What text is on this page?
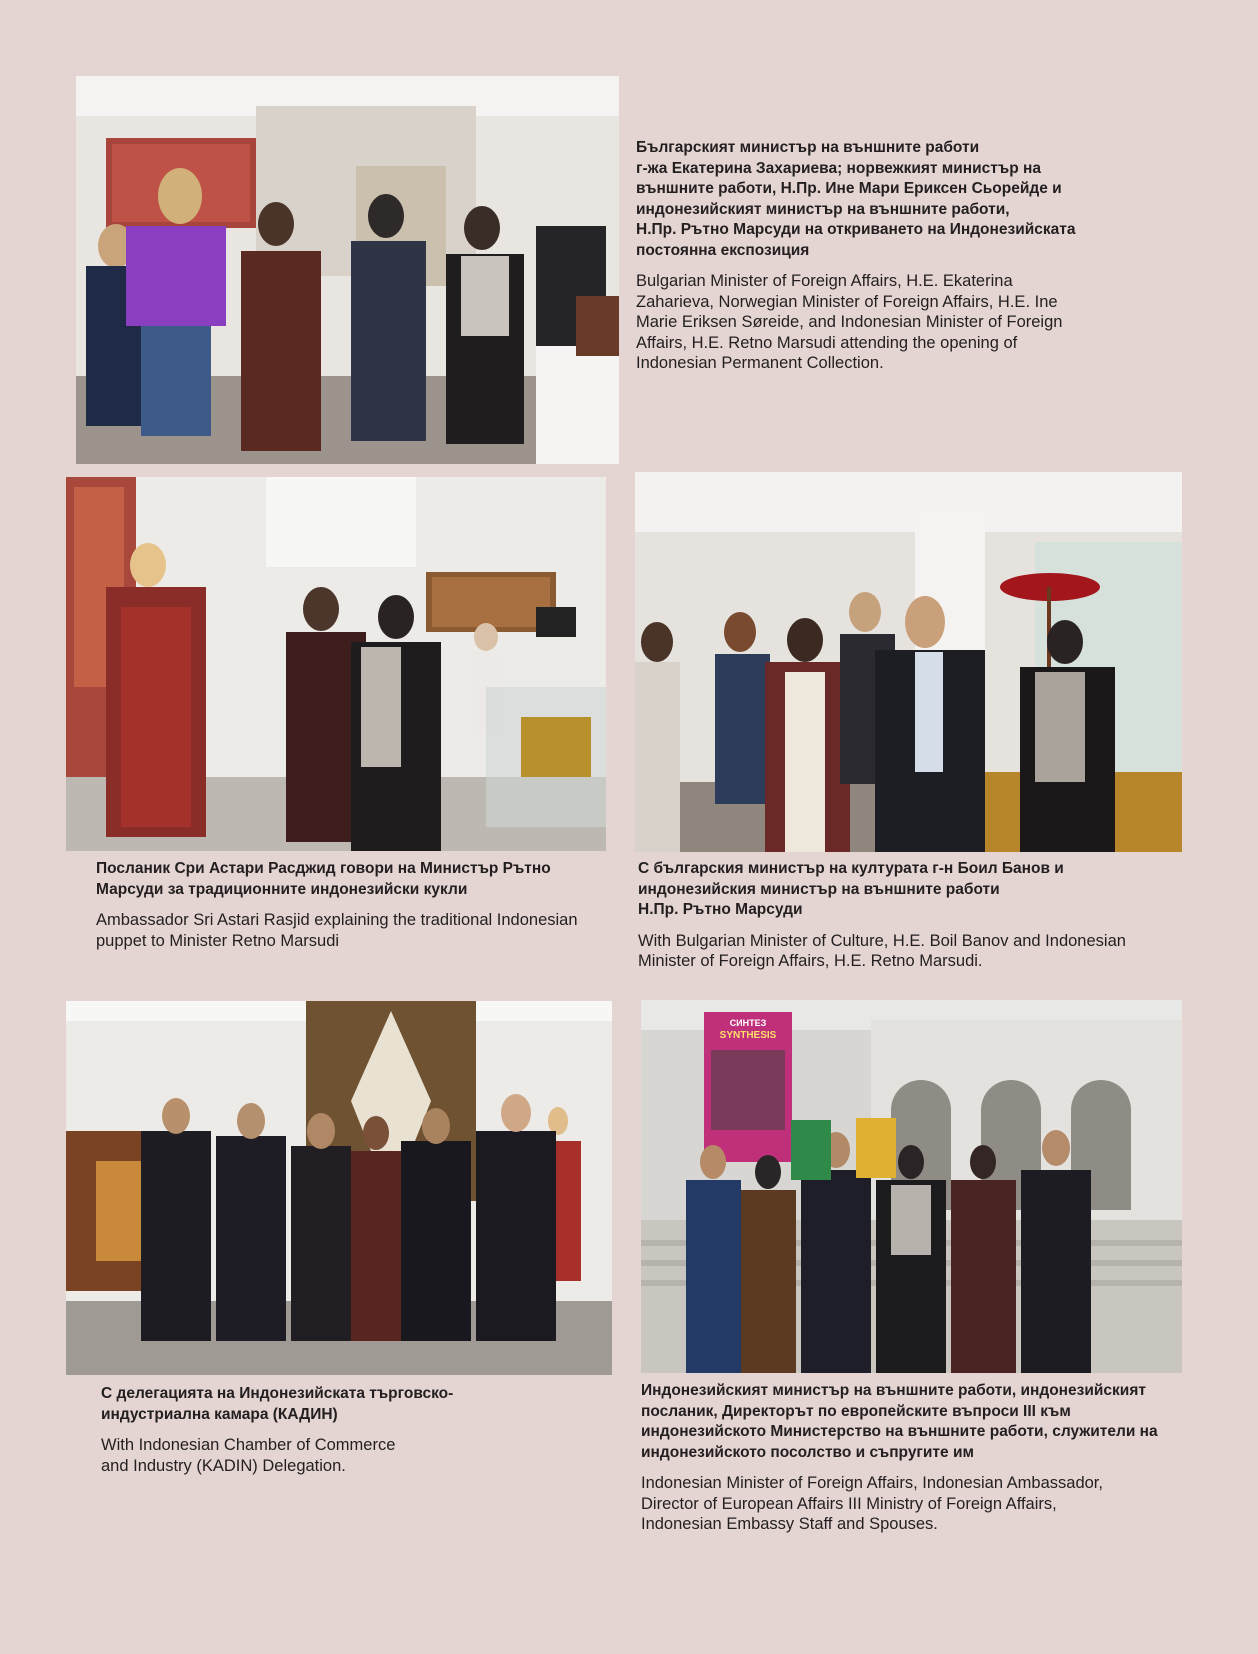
Българският министър на външните работи
г-жа Екатерина Захариева; норвежкият министър на
външните работи, Н.Пр. Ине Мари Ериксен Сьорейде и
индонезийският министър на външните работи,
Н.Пр. Рътно Марсуди на откриването на Индонезийската
постоянна експозиция

Bulgarian Minister of Foreign Affairs, H.E. Ekaterina
Zaharieva, Norwegian Minister of Foreign Affairs, H.E. Ine
Marie Eriksen Søreide, and Indonesian Minister of Foreign
Affairs, H.E. Retno Marsudi attending the opening of
Indonesian Permanent Collection.

Посланик Сри Астари Расджид говори на Министър Рътно
Марсуди за традиционните индонезийски кукли

Ambassador Sri Astari Rasjid explaining the traditional Indonesian
puppet to Minister Retno Marsudi

С българския министър на културата г-н Боил Банов и
индонезийския министър на външните работи
Н.Пр. Рътно Марсуди

With Bulgarian Minister of Culture, H.E. Boil Banov and Indonesian
Minister of Foreign Affairs, H.E. Retno Marsudi.

С делегацията на Индонезийската търговско-
индустриална камара (КАДИН)

With Indonesian Chamber of Commerce
and Industry (KADIN) Delegation.

СИНТЕЗ
SYNTHESIS

Индонезийският министър на външните работи, индонезийският
посланик, Директорът по европейските въпроси III към
индонезийското Министерство на външните работи, служители на
индонезийското посолство и съпругите им

Indonesian Minister of Foreign Affairs, Indonesian Ambassador,
Director of European Affairs III Ministry of Foreign Affairs,
Indonesian Embassy Staff and Spouses.
